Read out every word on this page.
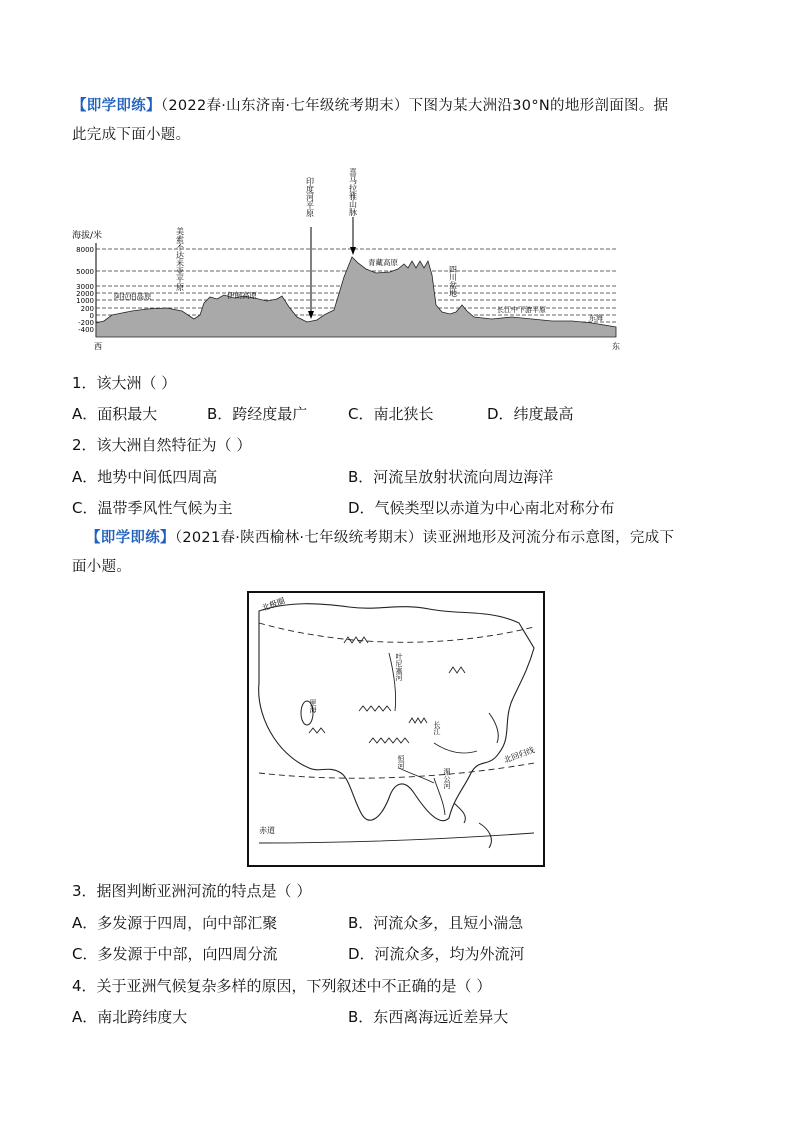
【即学即练】（2022春·山东济南·七年级统考期末）下图为某大洲沿30°N的地形剖面图。据
此完成下面小题。
海拔/米
8000
5000
3000
2000
1000
200
0
-200
-400
阿拉伯高原	伊朗高原
青藏高原
长江中下游平原
东海
美索不达米亚平原
印度河平原	喜马拉雅山脉
四川盆地
西	东
1．该大洲（ ）
A．面积最大	B．跨经度最广	C．南北狭长	D．纬度最高
2．该大洲自然特征为（ ）
A．地势中间低四周高	B．河流呈放射状流向周边海洋
C．温带季风性气候为主	D．气候类型以赤道为中心南北对称分布
【即学即练】（2021春·陕西榆林·七年级统考期末）读亚洲地形及河流分布示意图，完成下
面小题。
北极圈
北回归线
赤道
里海
叶尼塞河
长江
恒河
湄公河
3．据图判断亚洲河流的特点是（ ）
A．多发源于四周，向中部汇聚	B．河流众多，且短小湍急
C．多发源于中部，向四周分流	D．河流众多，均为外流河
4．关于亚洲气候复杂多样的原因，下列叙述中不正确的是（ ）
A．南北跨纬度大	B．东西离海远近差异大
